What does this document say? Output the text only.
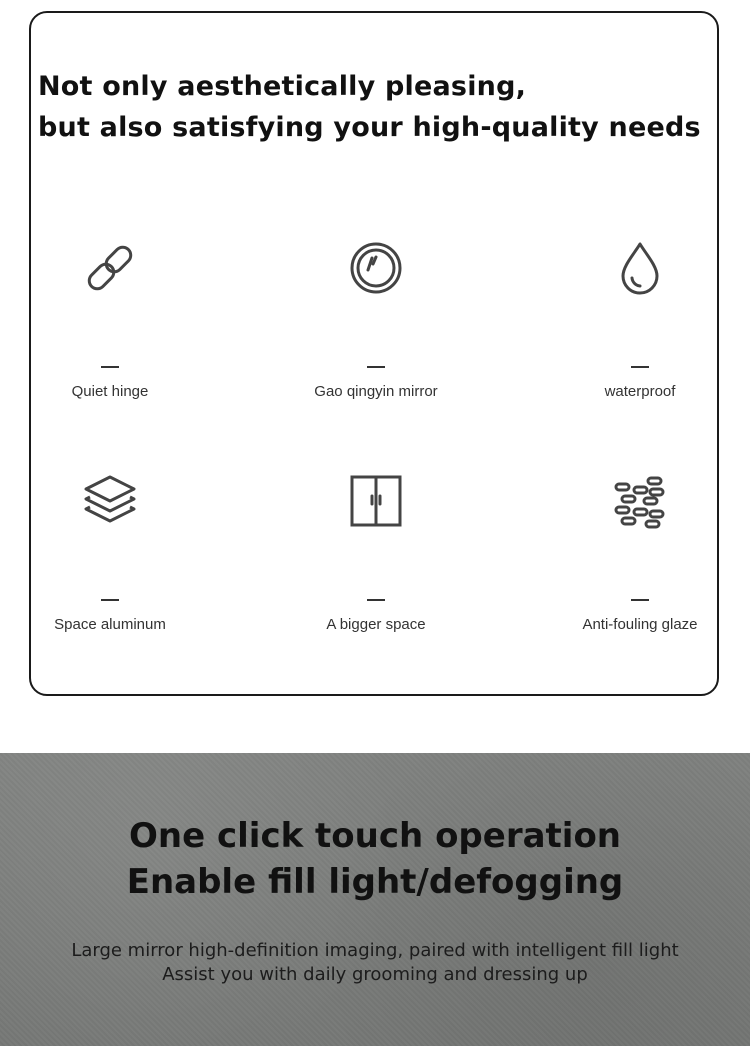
Not only aesthetically pleasing,
but also satisfying your high-quality needs
Quiet hinge	Gao qingyin mirror	waterproof
Space aluminum	A bigger space	Anti-fouling glaze
One click touch operation
Enable fill light/defogging
Large mirror high-definition imaging, paired with intelligent fill light
Assist you with daily grooming and dressing up
